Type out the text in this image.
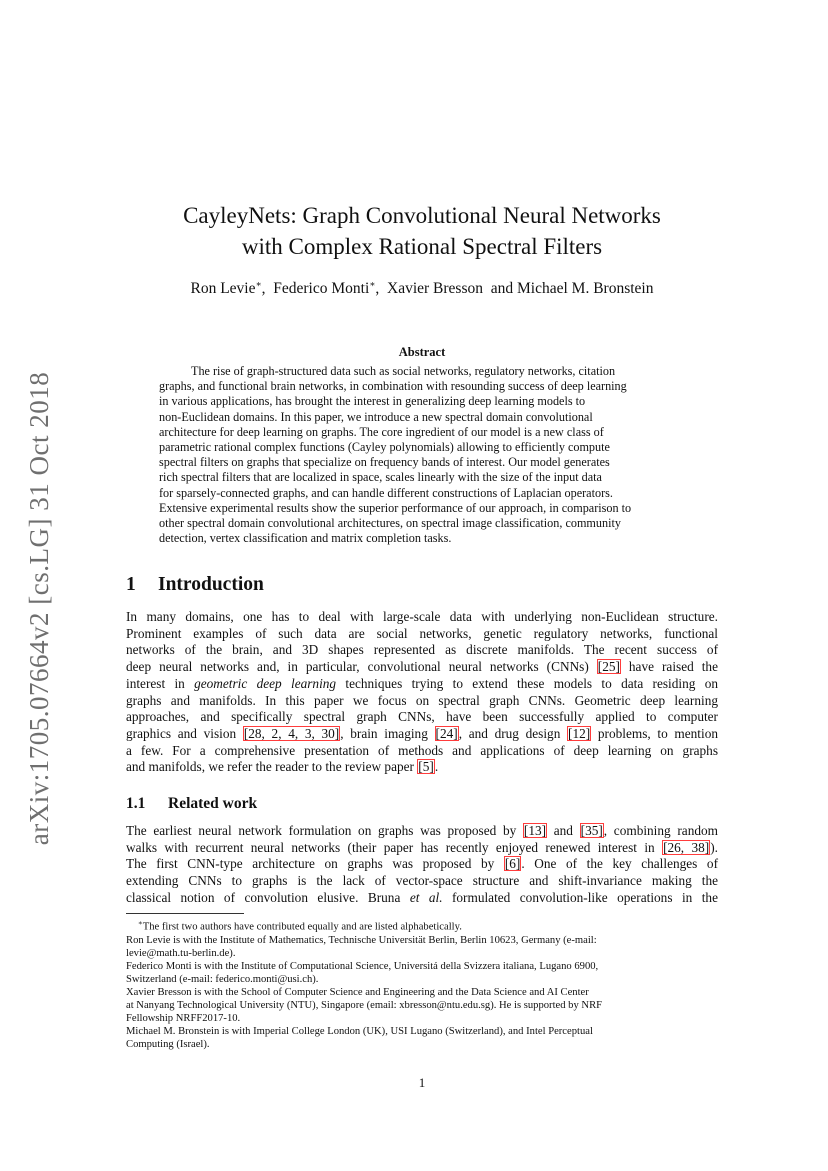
arXiv:1705.07664v2 [cs.LG] 31 Oct 2018
CayleyNets: Graph Convolutional Neural Networks
with Complex Rational Spectral Filters
Ron Levie∗,  Federico Monti∗,  Xavier Bresson and Michael M. Bronstein
Abstract
The rise of graph-structured data such as social networks, regulatory networks, citation
graphs, and functional brain networks, in combination with resounding success of deep learning
in various applications, has brought the interest in generalizing deep learning models to
non-Euclidean domains. In this paper, we introduce a new spectral domain convolutional
architecture for deep learning on graphs. The core ingredient of our model is a new class of
parametric rational complex functions (Cayley polynomials) allowing to efficiently compute
spectral filters on graphs that specialize on frequency bands of interest. Our model generates
rich spectral filters that are localized in space, scales linearly with the size of the input data
for sparsely-connected graphs, and can handle different constructions of Laplacian operators.
Extensive experimental results show the superior performance of our approach, in comparison to
other spectral domain convolutional architectures, on spectral image classification, community
detection, vertex classification and matrix completion tasks.
1 Introduction
In many domains, one has to deal with large-scale data with underlying non-Euclidean structure.
Prominent examples of such data are social networks, genetic regulatory networks, functional
networks of the brain, and 3D shapes represented as discrete manifolds. The recent success of
deep neural networks and, in particular, convolutional neural networks (CNNs) [25] have raised the
interest in geometric deep learning techniques trying to extend these models to data residing on
graphs and manifolds. In this paper we focus on spectral graph CNNs. Geometric deep learning
approaches, and specifically spectral graph CNNs, have been successfully applied to computer
graphics and vision [28, 2, 4, 3, 30], brain imaging [24], and drug design [12] problems, to mention
a few. For a comprehensive presentation of methods and applications of deep learning on graphs
and manifolds, we refer the reader to the review paper [5].
1.1 Related work
The earliest neural network formulation on graphs was proposed by [13] and [35], combining random
walks with recurrent neural networks (their paper has recently enjoyed renewed interest in [26, 38]).
The first CNN-type architecture on graphs was proposed by [6]. One of the key challenges of
extending CNNs to graphs is the lack of vector-space structure and shift-invariance making the
classical notion of convolution elusive. Bruna et al. formulated convolution-like operations in the
∗The first two authors have contributed equally and are listed alphabetically.
Ron Levie is with the Institute of Mathematics, Technische Universität Berlin, Berlin 10623, Germany (e-mail:
levie@math.tu-berlin.de).
Federico Monti is with the Institute of Computational Science, Universitá della Svizzera italiana, Lugano 6900,
Switzerland (e-mail: federico.monti@usi.ch).
Xavier Bresson is with the School of Computer Science and Engineering and the Data Science and AI Center
at Nanyang Technological University (NTU), Singapore (email: xbresson@ntu.edu.sg). He is supported by NRF
Fellowship NRFF2017-10.
Michael M. Bronstein is with Imperial College London (UK), USI Lugano (Switzerland), and Intel Perceptual
Computing (Israel).
1
